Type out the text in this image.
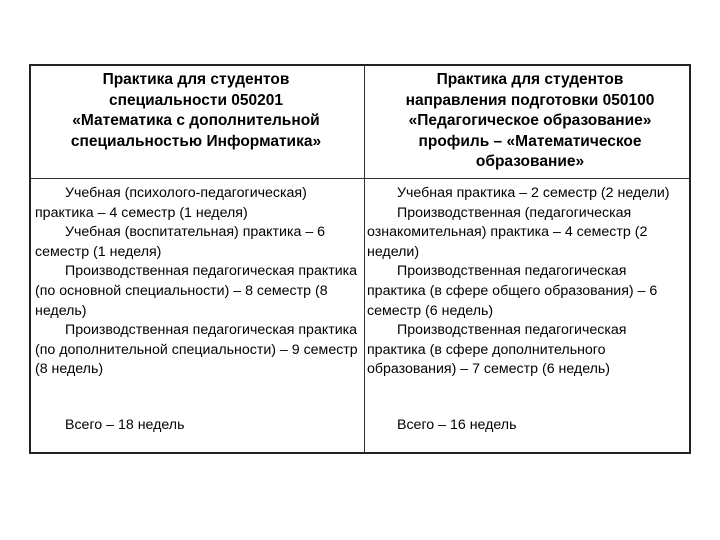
Практика для студентов
специальности 050201
«Математика с дополнительной
специальностью Информатика»
Практика для студентов
направления подготовки 050100
«Педагогическое образование»
профиль – «Математическое
образование»
Учебная (психолого-педагогическая) практика – 4 семестр (1 неделя)
Учебная (воспитательная) практика – 6 семестр (1 неделя)
Производственная педагогическая практика (по основной специальности) – 8 семестр (8 недель)
Производственная педагогическая практика (по дополнительной специальности) – 9 семестр (8 недель)
Учебная практика – 2 семестр (2 недели)
Производственная (педагогическая ознакомительная) практика – 4 семестр (2 недели)
Производственная педагогическая практика (в сфере общего образования) – 6 семестр (6 недель)
Производственная педагогическая практика (в сфере дополнительного образования) – 7 семестр (6 недель)
Всего – 18 недель	Всего – 16 недель
